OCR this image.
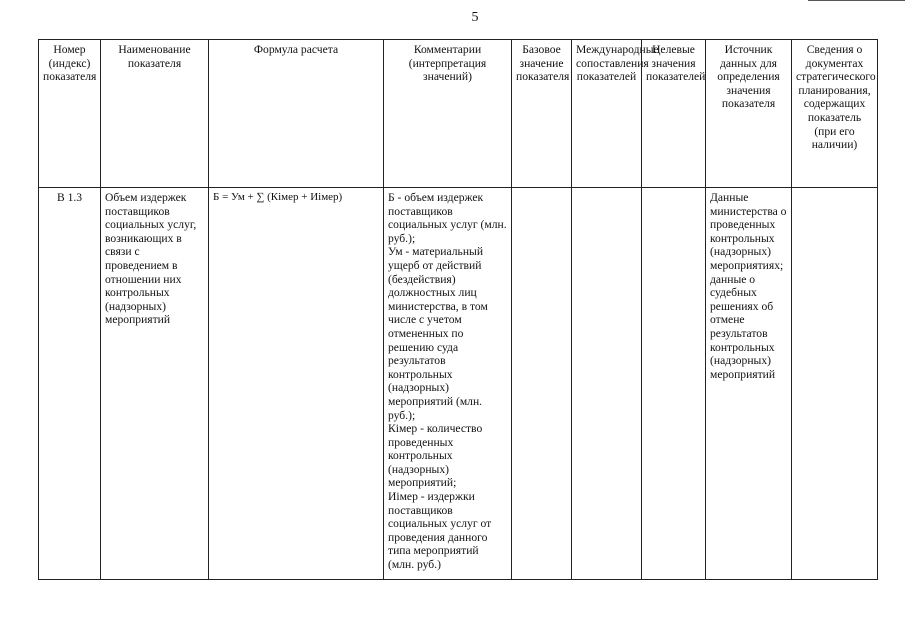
5
Номер (индекс) показателя	Наименование показателя	Формула расчета	Комментарии (интерпретация значений)	Базовое значение показателя	Международные сопоставления показателей	Целевые значения показателей	Источник данных для определения значения показателя	Сведения о документах стратегического планирования, содержащих показатель (при его наличии)
В 1.3	Объем издержек поставщиков социальных услуг, возникающих в связи с проведением в отношении них контрольных (надзорных) мероприятий	Б = Ум + ∑ (Кiмер + Иiмер)	Б - объем издержек поставщиков социальных услуг (млн. руб.);
Ум - материальный ущерб от действий (бездействия) должностных лиц министерства, в том числе с учетом отмененных по решению суда результатов контрольных (надзорных) мероприятий (млн. руб.);
Кiмер - количество проведенных контрольных (надзорных) мероприятий;
Иiмер - издержки поставщиков социальных услуг от проведения данного типа мероприятий (млн. руб.)				Данные министерства о проведенных контрольных (надзорных) мероприятиях; данные о судебных решениях об отмене результатов контрольных (надзорных) мероприятий	
